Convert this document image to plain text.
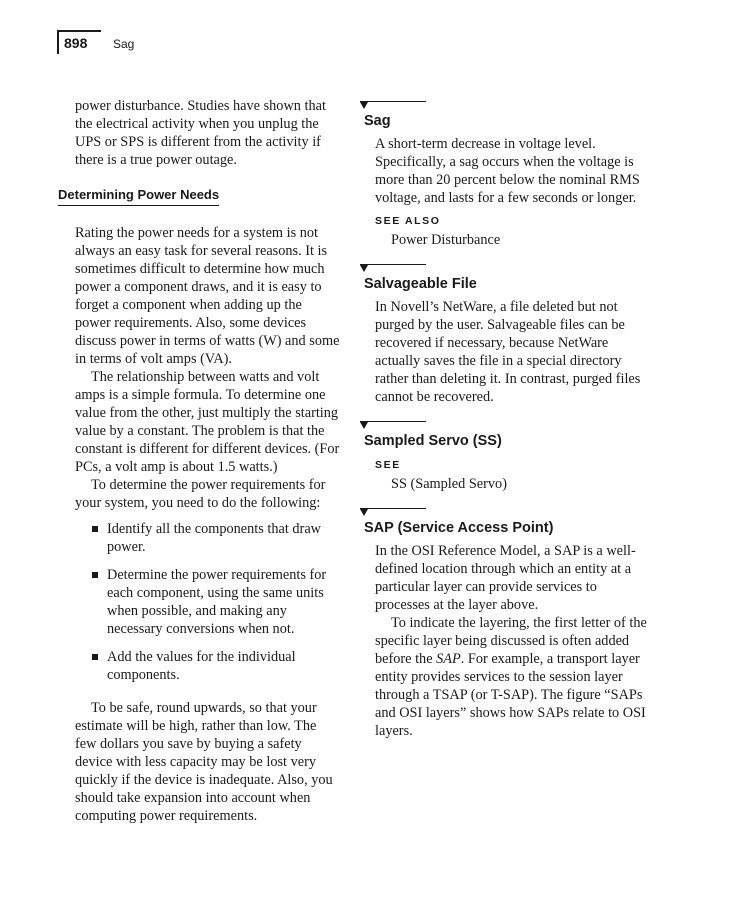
898 Sag

power disturbance. Studies have shown that the electrical activity when you unplug the UPS or SPS is different from the activity if there is a true power outage.

Determining Power Needs

Rating the power needs for a system is not always an easy task for several reasons. It is sometimes difficult to determine how much power a component draws, and it is easy to forget a component when adding up the power requirements. Also, some devices discuss power in terms of watts (W) and some in terms of volt amps (VA).

The relationship between watts and volt amps is a simple formula. To determine one value from the other, just multiply the starting value by a constant. The problem is that the constant is different for different devices. (For PCs, a volt amp is about 1.5 watts.)

To determine the power requirements for your system, you need to do the following:

Identify all the components that draw power.
Determine the power requirements for each component, using the same units when possible, and making any necessary conversions when not.
Add the values for the individual components.

To be safe, round upwards, so that your estimate will be high, rather than low. The few dollars you save by buying a safety device with less capacity may be lost very quickly if the device is inadequate. Also, you should take expansion into account when computing power requirements.

Sag

A short-term decrease in voltage level. Specifically, a sag occurs when the voltage is more than 20 percent below the nominal RMS voltage, and lasts for a few seconds or longer.

SEE ALSO
Power Disturbance
Salvageable File

In Novell’s NetWare, a file deleted but not purged by the user. Salvageable files can be recovered if necessary, because NetWare actually saves the file in a special directory rather than deleting it. In contrast, purged files cannot be recovered.

Sampled Servo (SS)
SEE
SS (Sampled Servo)
SAP (Service Access Point)

In the OSI Reference Model, a SAP is a well-defined location through which an entity at a particular layer can provide services to processes at the layer above.

To indicate the layering, the first letter of the specific layer being discussed is often added before the SAP. For example, a transport layer entity provides services to the session layer through a TSAP (or T-SAP). The figure “SAPs and OSI layers” shows how SAPs relate to OSI layers.
